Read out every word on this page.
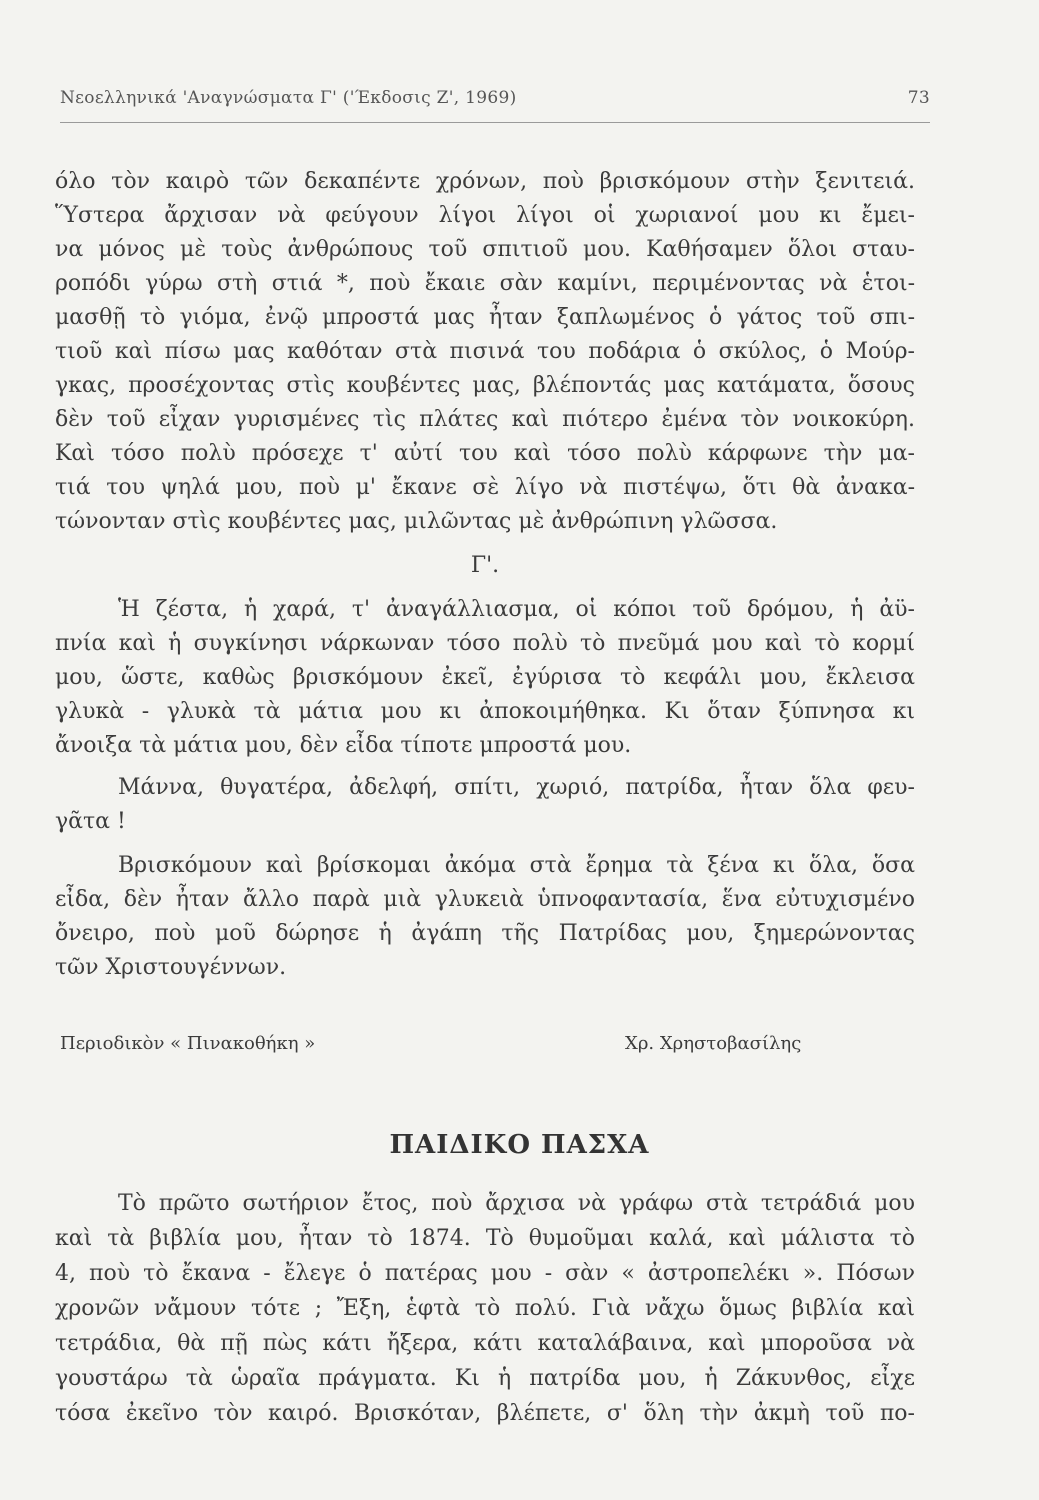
Νεοελληνικά 'Αναγνώσματα Γ' ('Έκδοσις Ζ', 1969)	73
όλο τὸν καιρὸ τῶν δεκαπέντε χρόνων, ποὺ βρισκόμουν στὴν ξενιτειά.
Ὕστερα ἄρχισαν νὰ φεύγουν λίγοι λίγοι οἱ χωριανοί μου κι ἔμει-
να μόνος μὲ τοὺς ἀνθρώπους τοῦ σπιτιοῦ μου. Καθήσαμεν ὅλοι σταυ-
ροπόδι γύρω στὴ στιά *, ποὺ ἔκαιε σὰν καμίνι, περιμένοντας νὰ ἑτοι-
μασθῇ τὸ γιόμα, ἐνῷ μπροστά μας ἦταν ξαπλωμένος ὁ γάτος τοῦ σπι-
τιοῦ καὶ πίσω μας καθόταν στὰ πισινά του ποδάρια ὁ σκύλος, ὁ Μούρ-
γκας, προσέχοντας στὶς κουβέντες μας, βλέποντάς μας κατάματα, ὅσους
δὲν τοῦ εἶχαν γυρισμένες τὶς πλάτες καὶ πιότερο ἐμένα τὸν νοικοκύρη.
Καὶ τόσο πολὺ πρόσεχε τ' αὐτί του καὶ τόσο πολὺ κάρφωνε τὴν μα-
τιά του ψηλά μου, ποὺ μ' ἔκανε σὲ λίγο νὰ πιστέψω, ὅτι θὰ ἀνακα-
τώνονταν στὶς κουβέντες μας, μιλῶντας μὲ ἀνθρώπινη γλῶσσα.
Γ'.
Ἡ ζέστα, ἡ χαρά, τ' ἀναγάλλιασμα, οἱ κόποι τοῦ δρόμου, ἡ ἀϋ-
πνία καὶ ἡ συγκίνησι νάρκωναν τόσο πολὺ τὸ πνεῦμά μου καὶ τὸ κορμί
μου, ὥστε, καθὼς βρισκόμουν ἐκεῖ, ἐγύρισα τὸ κεφάλι μου, ἔκλεισα
γλυκὰ - γλυκὰ τὰ μάτια μου κι ἀποκοιμήθηκα. Κι ὅταν ξύπνησα κι
ἄνοιξα τὰ μάτια μου, δὲν εἶδα τίποτε μπροστά μου.
Μάννα, θυγατέρα, ἀδελφή, σπίτι, χωριό, πατρίδα, ἦταν ὅλα φευ-
γᾶτα !
Βρισκόμουν καὶ βρίσκομαι ἀκόμα στὰ ἔρημα τὰ ξένα κι ὅλα, ὅσα
εἶδα, δὲν ἦταν ἄλλο παρὰ μιὰ γλυκειὰ ὑπνοφαντασία, ἕνα εὐτυχισμένο
ὄνειρο, ποὺ μοῦ δώρησε ἡ ἀγάπη τῆς Πατρίδας μου, ξημερώνοντας
τῶν Χριστουγέννων.
Περιοδικὸν « Πινακοθήκη »	Χρ. Χρηστοβασίλης
ΠΑΙΔΙΚΟ ΠΑΣΧΑ
Τὸ πρῶτο σωτήριον ἔτος, ποὺ ἄρχισα νὰ γράφω στὰ τετράδιά μου
καὶ τὰ βιβλία μου, ἦταν τὸ 1874. Τὸ θυμοῦμαι καλά, καὶ μάλιστα τὸ
4, ποὺ τὸ ἔκανα - ἔλεγε ὁ πατέρας μου - σὰν « ἀστροπελέκι ». Πόσων
χρονῶν νἄμουν τότε ; Ἔξη, ἑφτὰ τὸ πολύ. Γιὰ νἄχω ὅμως βιβλία καὶ
τετράδια, θὰ πῇ πὼς κάτι ἤξερα, κάτι καταλάβαινα, καὶ μποροῦσα νὰ
γουστάρω τὰ ὡραῖα πράγματα. Κι ἡ πατρίδα μου, ἡ Ζάκυνθος, εἶχε
τόσα ἐκεῖνο τὸν καιρό. Βρισκόταν, βλέπετε, σ' ὅλη τὴν ἀκμὴ τοῦ πο-
